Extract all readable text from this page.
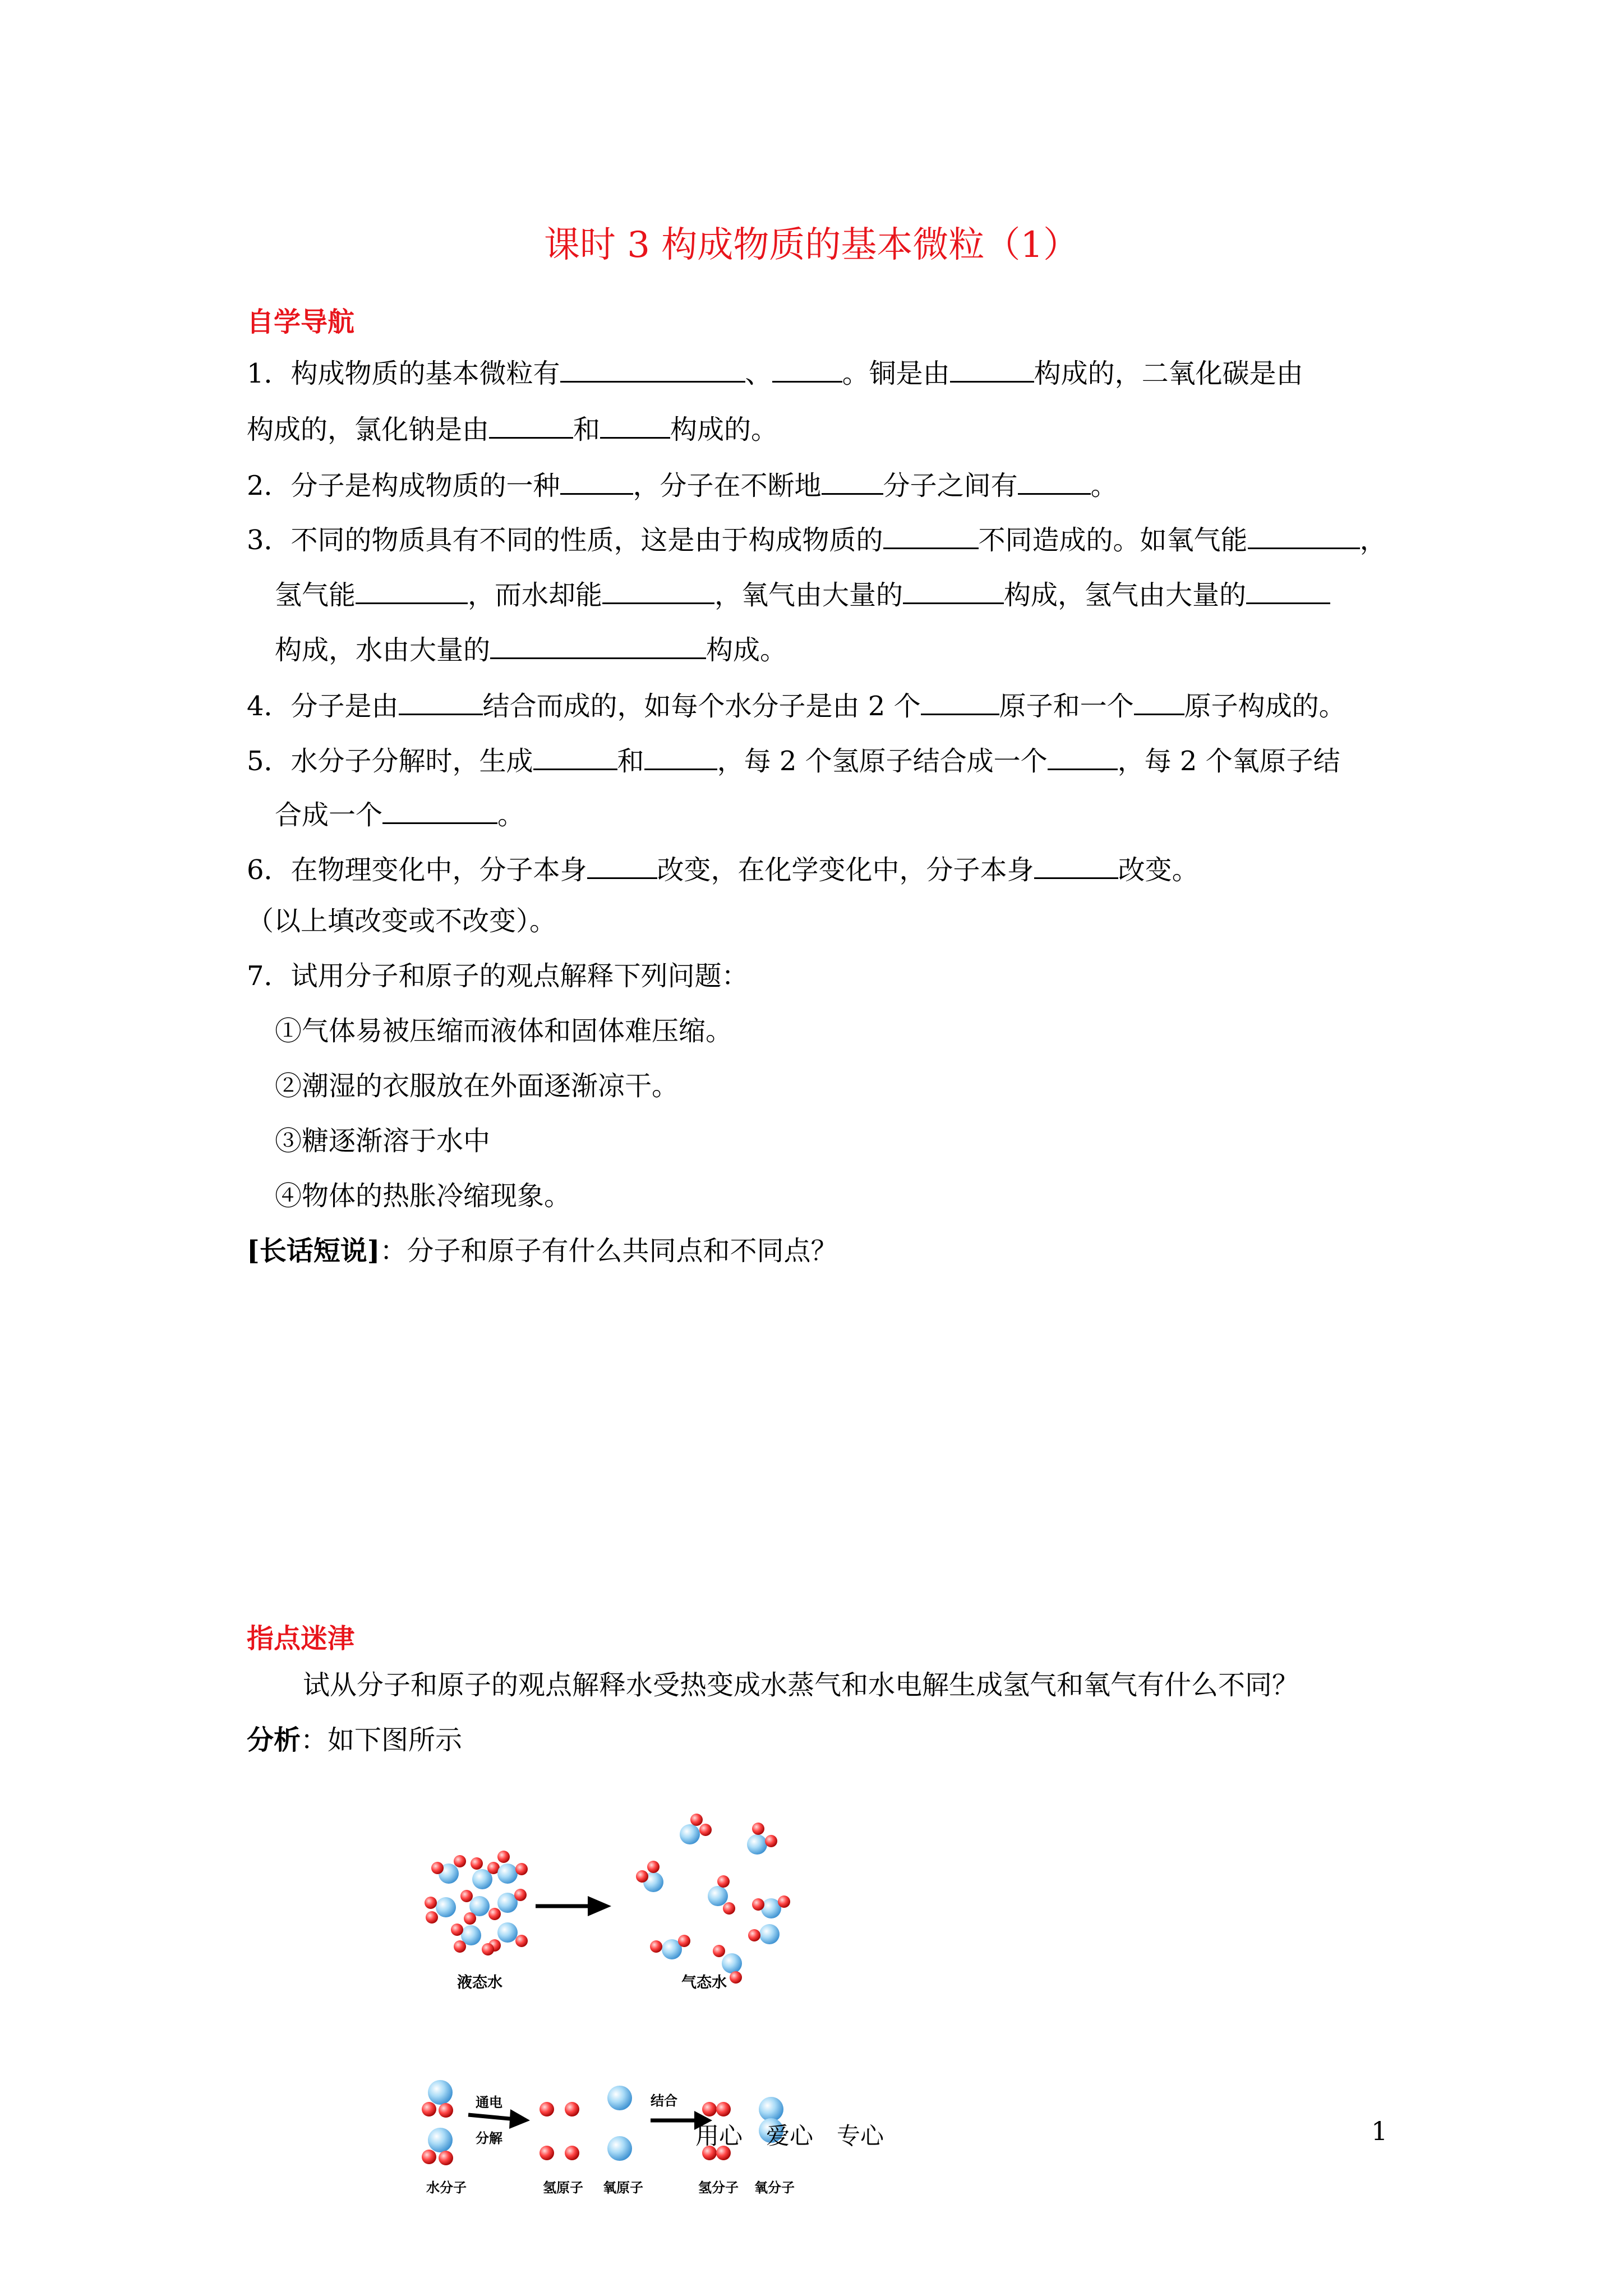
课时 3 构成物质的基本微粒（1）
自学导航
1．构成物质的基本微粒有	、	。铜是由	构成的，二氧化碳是由
构成的，氯化钠是由	和	构成的。
2．分子是构成物质的一种	，分子在不断地 分子之间有	。
3．不同的物质具有不同的性质，这是由于构成物质的	不同造成的。如氧气能	，
氢气能	，而水却能	，氧气由大量的	构成，氢气由大量的
构成，水由大量的	构成。
4．分子是由	结合而成的，如每个水分子是由 2 个	原子和一个 原子构成的。
5．水分子分解时，生成	和	，每 2 个氢原子结合成一个	，每 2 个氧原子结
合成一个	。
6．在物理变化中，分子本身	改变，在化学变化中，分子本身	改变。
（以上填改变或不改变）。
7．试用分子和原子的观点解释下列问题：
①气体易被压缩而液体和固体难压缩。
②潮湿的衣服放在外面逐渐凉干。
③糖逐渐溶于水中
④物体的热胀冷缩现象。
[长话短说]：分子和原子有什么共同点和不同点？
指点迷津
试从分子和原子的观点解释水受热变成水蒸气和水电解生成氢气和氧气有什么不同？
分析：如下图所示
液态水	气态水
通电
分解
结合
水分子	氢原子 氧原子	氢分子 氧分子
用心　爱心　专心	1
